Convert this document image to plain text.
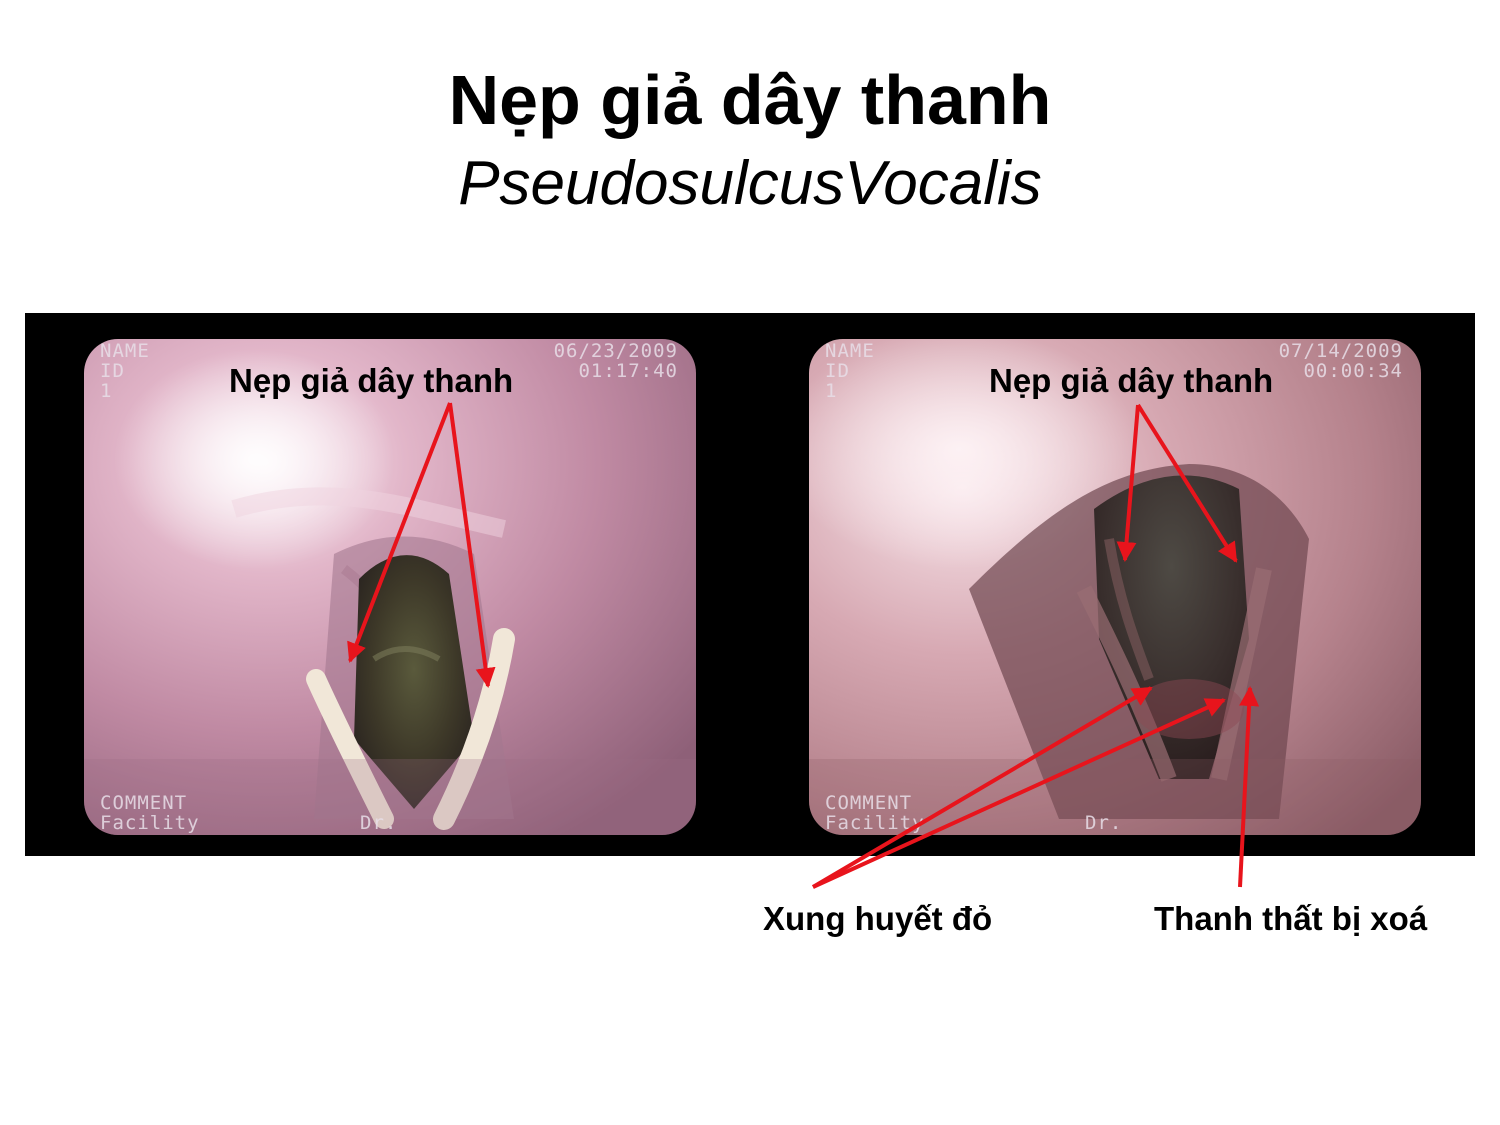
Nẹp giả dây thanh
PseudosulcusVocalis
NAME
ID
1
06/23/2009
01:17:40
COMMENT
Facility	Dr.
NAME
ID
1
07/14/2009
00:00:34
COMMENT
Facility	Dr.
Nẹp giả dây thanh	Nẹp giả dây thanh
Xung huyết đỏ	Thanh thất bị xoá
